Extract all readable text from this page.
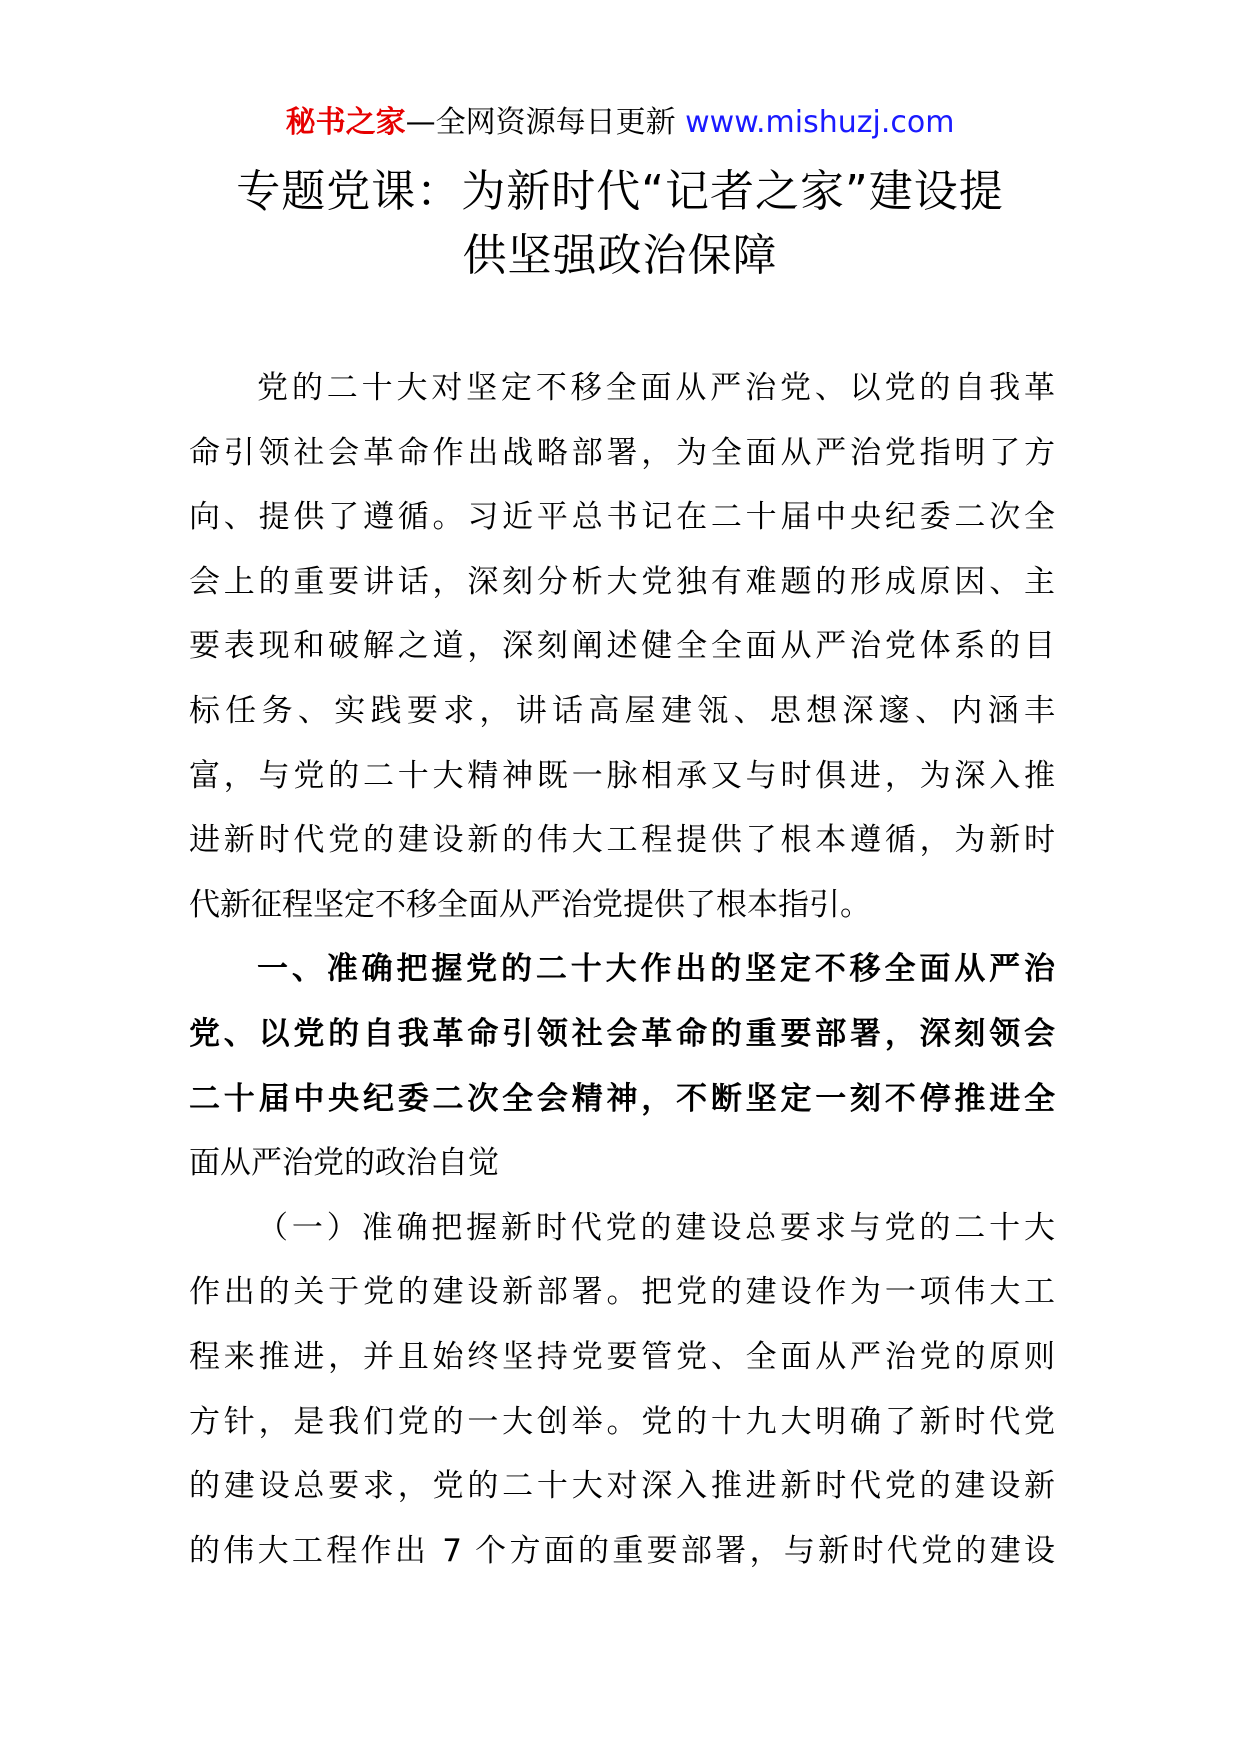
秘书之家—全网资源每日更新 www.mishuzj.com
专题党课：为新时代“记者之家”建设提
供坚强政治保障
党的二十大对坚定不移全面从严治党、以党的自我革
命引领社会革命作出战略部署，为全面从严治党指明了方
向、提供了遵循。习近平总书记在二十届中央纪委二次全
会上的重要讲话，深刻分析大党独有难题的形成原因、主
要表现和破解之道，深刻阐述健全全面从严治党体系的目
标任务、实践要求，讲话高屋建瓴、思想深邃、内涵丰
富，与党的二十大精神既一脉相承又与时俱进，为深入推
进新时代党的建设新的伟大工程提供了根本遵循，为新时
代新征程坚定不移全面从严治党提供了根本指引。
一、准确把握党的二十大作出的坚定不移全面从严治
党、以党的自我革命引领社会革命的重要部署，深刻领会
二十届中央纪委二次全会精神，不断坚定一刻不停推进全
面从严治党的政治自觉
（一）准确把握新时代党的建设总要求与党的二十大
作出的关于党的建设新部署。把党的建设作为一项伟大工
程来推进，并且始终坚持党要管党、全面从严治党的原则
方针，是我们党的一大创举。党的十九大明确了新时代党
的建设总要求，党的二十大对深入推进新时代党的建设新
的伟大工程作出 7 个方面的重要部署，与新时代党的建设
